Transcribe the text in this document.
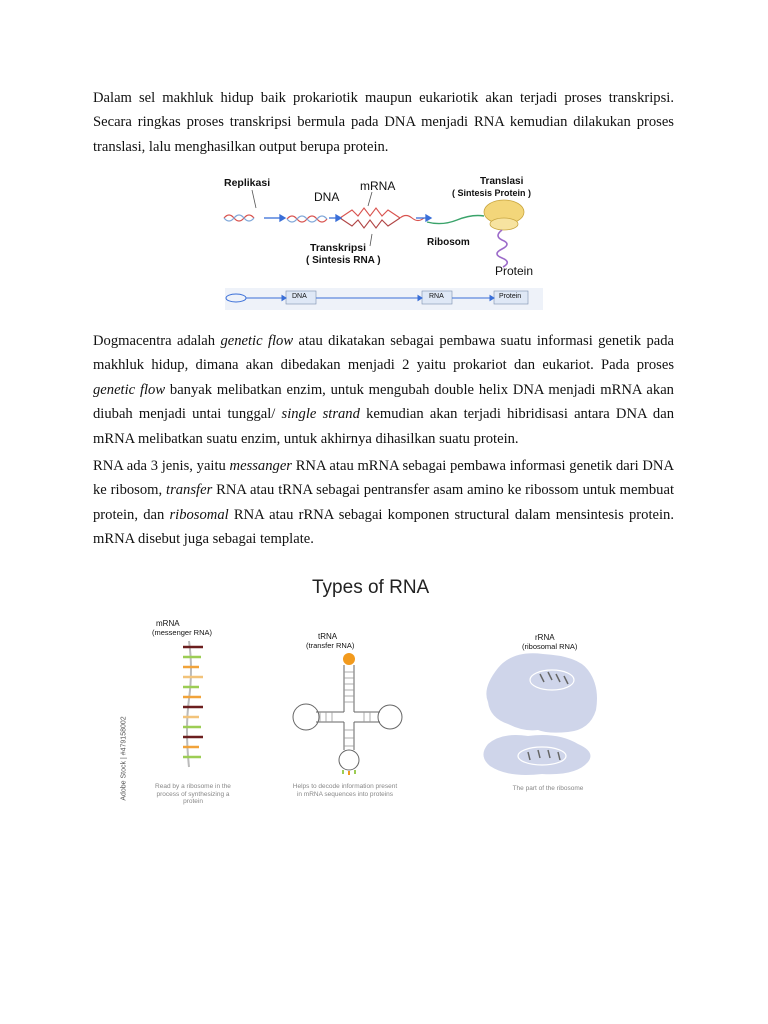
Dalam sel makhluk hidup baik prokariotik maupun eukariotik akan terjadi proses transkripsi. Secara ringkas proses transkripsi bermula pada DNA menjadi RNA kemudian dilakukan proses translasi, lalu menghasilkan output berupa protein.

Replikasi
DNA
mRNA	Translasi
( Sintesis Protein )
Transkripsi
( Sintesis RNA )
Ribosom
Protein
DNA	RNA	Protein

Dogmacentra adalah genetic flow atau dikatakan sebagai pembawa suatu informasi genetik pada makhluk hidup, dimana akan dibedakan menjadi 2 yaitu prokariot dan eukariot. Pada proses genetic flow banyak melibatkan enzim, untuk mengubah double helix DNA menjadi mRNA akan diubah menjadi untai tunggal/ single strand kemudian akan terjadi hibridisasi antara DNA dan mRNA melibatkan suatu enzim, untuk akhirnya dihasilkan suatu protein.

RNA ada 3 jenis, yaitu messanger RNA atau mRNA sebagai pembawa informasi genetik dari DNA ke ribosom, transfer RNA atau tRNA sebagai pentransfer asam amino ke ribossom untuk membuat protein, dan ribosomal RNA atau rRNA sebagai komponen structural dalam mensintesis protein. mRNA disebut juga sebagai template.

Types of RNA
mRNA
(messenger RNA)
Read by a ribosome in the process of synthesizing a protein
Adobe Stock | #479158002
tRNA
(transfer RNA)
Helps to decode information present in mRNA sequences into proteins
rRNA
(ribosomal RNA)
The part of the ribosome
